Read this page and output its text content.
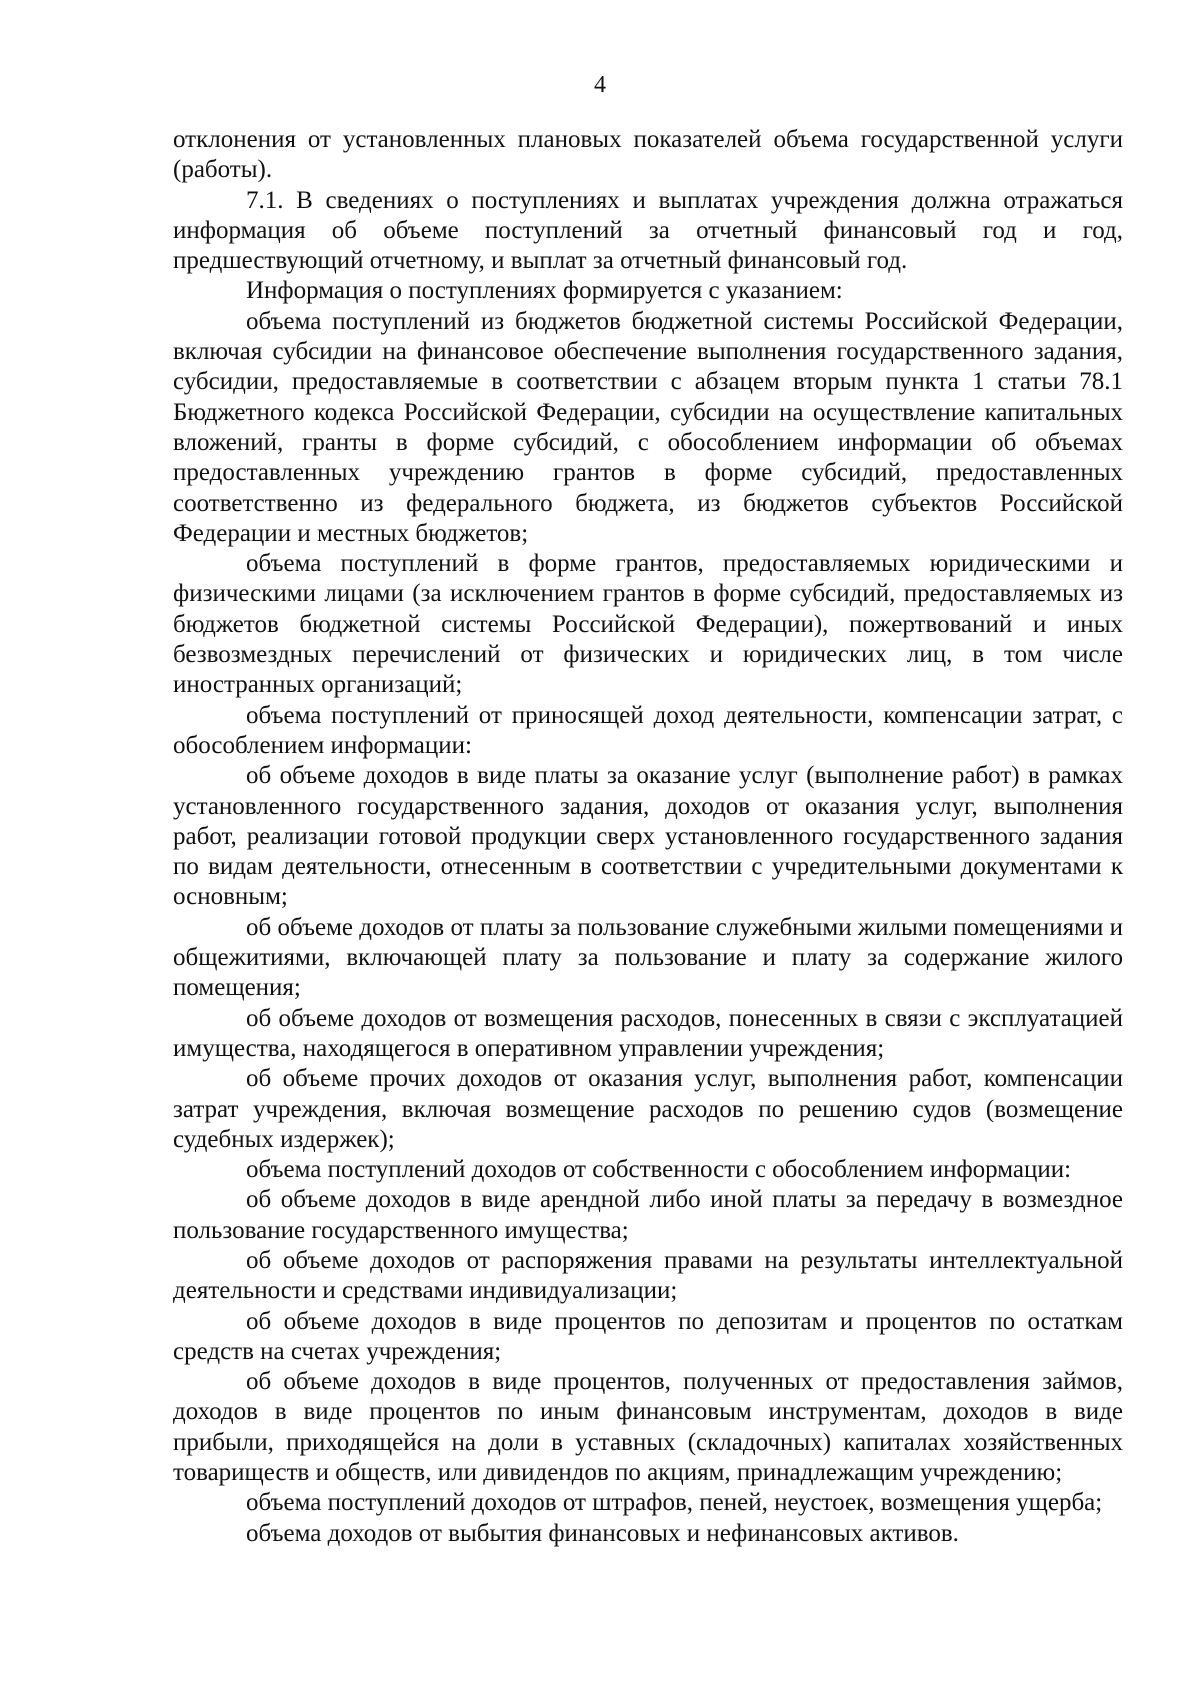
4

отклонения от установленных плановых показателей объема государственной услуги (работы).

7.1. В сведениях о поступлениях и выплатах учреждения должна отражаться информация об объеме поступлений за отчетный финансовый год и год, предшествующий отчетному, и выплат за отчетный финансовый год.

Информация о поступлениях формируется с указанием:

объема поступлений из бюджетов бюджетной системы Российской Федерации, включая субсидии на финансовое обеспечение выполнения государственного задания, субсидии, предоставляемые в соответствии с абзацем вторым пункта 1 статьи 78.1 Бюджетного кодекса Российской Федерации, субсидии на осуществление капитальных вложений, гранты в форме субсидий, с обособлением информации об объемах предоставленных учреждению грантов в форме субсидий, предоставленных соответственно из федерального бюджета, из бюджетов субъектов Российской Федерации и местных бюджетов;

объема поступлений в форме грантов, предоставляемых юридическими и физическими лицами (за исключением грантов в форме субсидий, предоставляемых из бюджетов бюджетной системы Российской Федерации), пожертвований и иных безвозмездных перечислений от физических и юридических лиц, в том числе иностранных организаций;

объема поступлений от приносящей доход деятельности, компенсации затрат, с обособлением информации:

об объеме доходов в виде платы за оказание услуг (выполнение работ) в рамках установленного государственного задания, доходов от оказания услуг, выполнения работ, реализации готовой продукции сверх установленного государственного задания по видам деятельности, отнесенным в соответствии с учредительными документами к основным;

об объеме доходов от платы за пользование служебными жилыми помещениями и общежитиями, включающей плату за пользование и плату за содержание жилого помещения;

об объеме доходов от возмещения расходов, понесенных в связи с эксплуатацией имущества, находящегося в оперативном управлении учреждения;

об объеме прочих доходов от оказания услуг, выполнения работ, компенсации затрат учреждения, включая возмещение расходов по решению судов (возмещение судебных издержек);

объема поступлений доходов от собственности с обособлением информации:

об объеме доходов в виде арендной либо иной платы за передачу в возмездное пользование государственного имущества;

об объеме доходов от распоряжения правами на результаты интеллектуальной деятельности и средствами индивидуализации;

об объеме доходов в виде процентов по депозитам и процентов по остаткам средств на счетах учреждения;

об объеме доходов в виде процентов, полученных от предоставления займов, доходов в виде процентов по иным финансовым инструментам, доходов в виде прибыли, приходящейся на доли в уставных (складочных) капиталах хозяйственных товариществ и обществ, или дивидендов по акциям, принадлежащим учреждению;

объема поступлений доходов от штрафов, пеней, неустоек, возмещения ущерба;

объема доходов от выбытия финансовых и нефинансовых активов.
